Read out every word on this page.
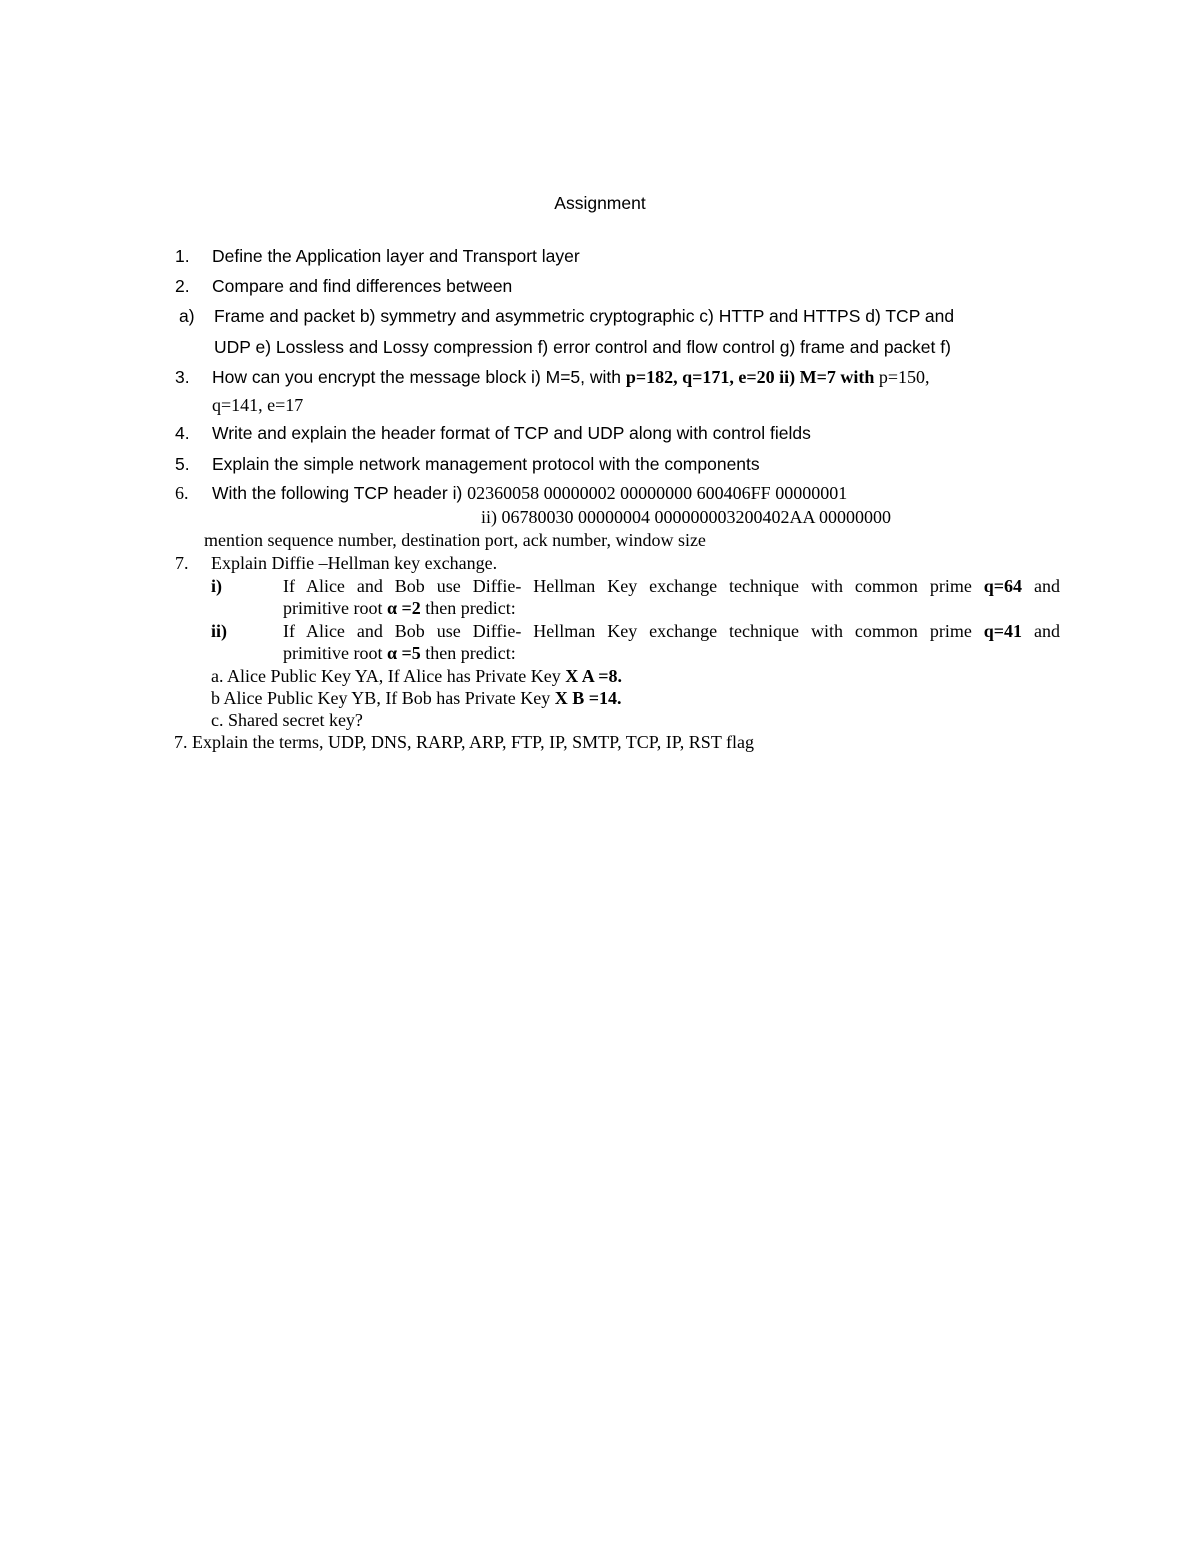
Assignment
1. Define the Application layer and Transport layer
2. Compare and find differences between
a) Frame and packet b) symmetry and asymmetric cryptographic c) HTTP and HTTPS d) TCP and
UDP e) Lossless and Lossy compression f) error control and flow control g) frame and packet f)
3. How can you encrypt the message block i) M=5, with p=182, q=171, e=20 ii) M=7 with p=150,
q=141, e=17
4. Write and explain the header format of TCP and UDP along with control fields
5. Explain the simple network management protocol with the components
6. With the following TCP header i) 02360058 00000002 00000000 600406FF 00000001
ii) 06780030 00000004 000000003200402AA 00000000
mention sequence number, destination port, ack number, window size
7. Explain Diffie –Hellman key exchange.
i)	If Alice and Bob use Diffie- Hellman Key exchange technique with common prime q=64 and
primitive root α =2 then predict:
ii)	If Alice and Bob use Diffie- Hellman Key exchange technique with common prime q=41 and
primitive root α =5 then predict:
a. Alice Public Key YA, If Alice has Private Key X A =8.
b Alice Public Key YB, If Bob has Private Key X B =14.
c. Shared secret key?
7. Explain the terms, UDP, DNS, RARP, ARP, FTP, IP, SMTP, TCP, IP, RST flag
